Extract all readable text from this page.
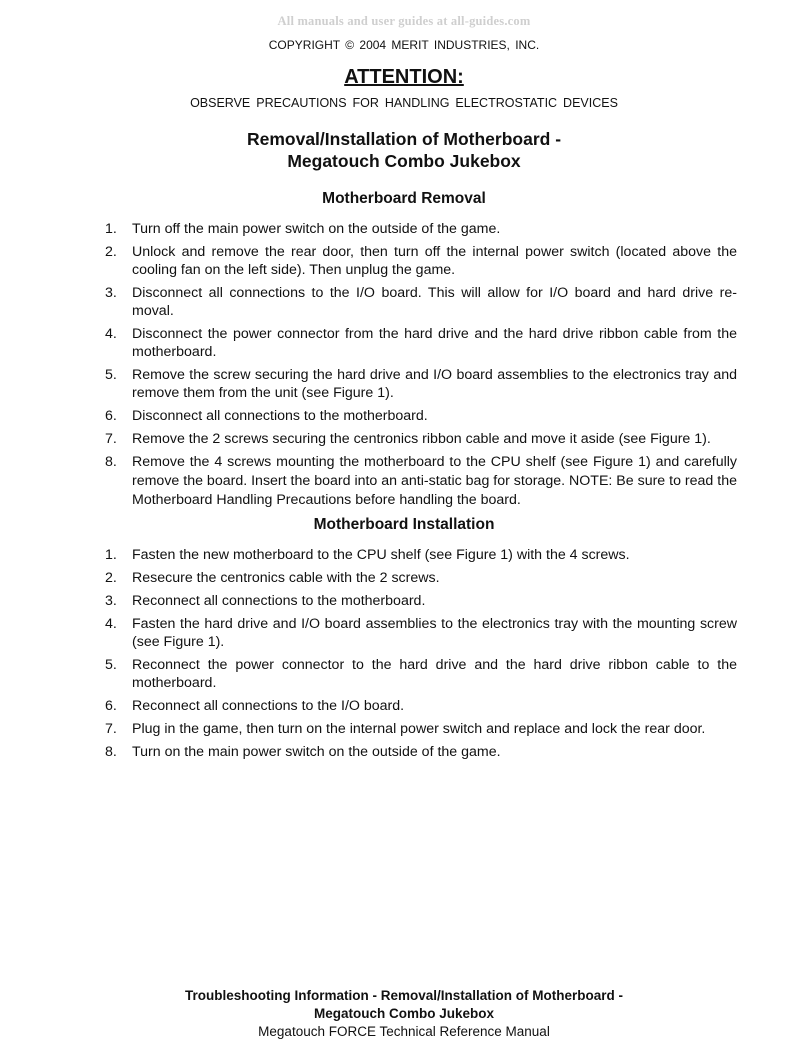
All manuals and user guides at all-guides.com
COPYRIGHT © 2004 MERIT INDUSTRIES, INC.
ATTENTION:
OBSERVE PRECAUTIONS FOR HANDLING ELECTROSTATIC DEVICES
Removal/Installation of Motherboard -
Megatouch Combo Jukebox
Motherboard Removal
1. Turn off the main power switch on the outside of the game.
2. Unlock and remove the rear door, then turn off the internal power switch (located above the cooling fan on the left side). Then unplug the game.
3. Disconnect all connections to the I/O board. This will allow for I/O board and hard drive re-moval.
4. Disconnect the power connector from the hard drive and the hard drive ribbon cable from the motherboard.
5. Remove the screw securing the hard drive and I/O board assemblies to the electronics tray and remove them from the unit (see Figure 1).
6. Disconnect all connections to the motherboard.
7. Remove the 2 screws securing the centronics ribbon cable and move it aside (see Figure 1).
8. Remove the 4 screws mounting the motherboard to the CPU shelf (see Figure 1) and carefully remove the board. Insert the board into an anti-static bag for storage. NOTE: Be sure to read the Motherboard Handling Precautions before handling the board.
Motherboard Installation
1. Fasten the new motherboard to the CPU shelf (see Figure 1) with the 4 screws.
2. Resecure the centronics cable with the 2 screws.
3. Reconnect all connections to the motherboard.
4. Fasten the hard drive and I/O board assemblies to the electronics tray with the mounting screw (see Figure 1).
5. Reconnect the power connector to the hard drive and the hard drive ribbon cable to the motherboard.
6. Reconnect all connections to the I/O board.
7. Plug in the game, then turn on the internal power switch and replace and lock the rear door.
8. Turn on the main power switch on the outside of the game.
Troubleshooting Information - Removal/Installation of Motherboard -
Megatouch Combo Jukebox
Megatouch FORCE Technical Reference Manual
